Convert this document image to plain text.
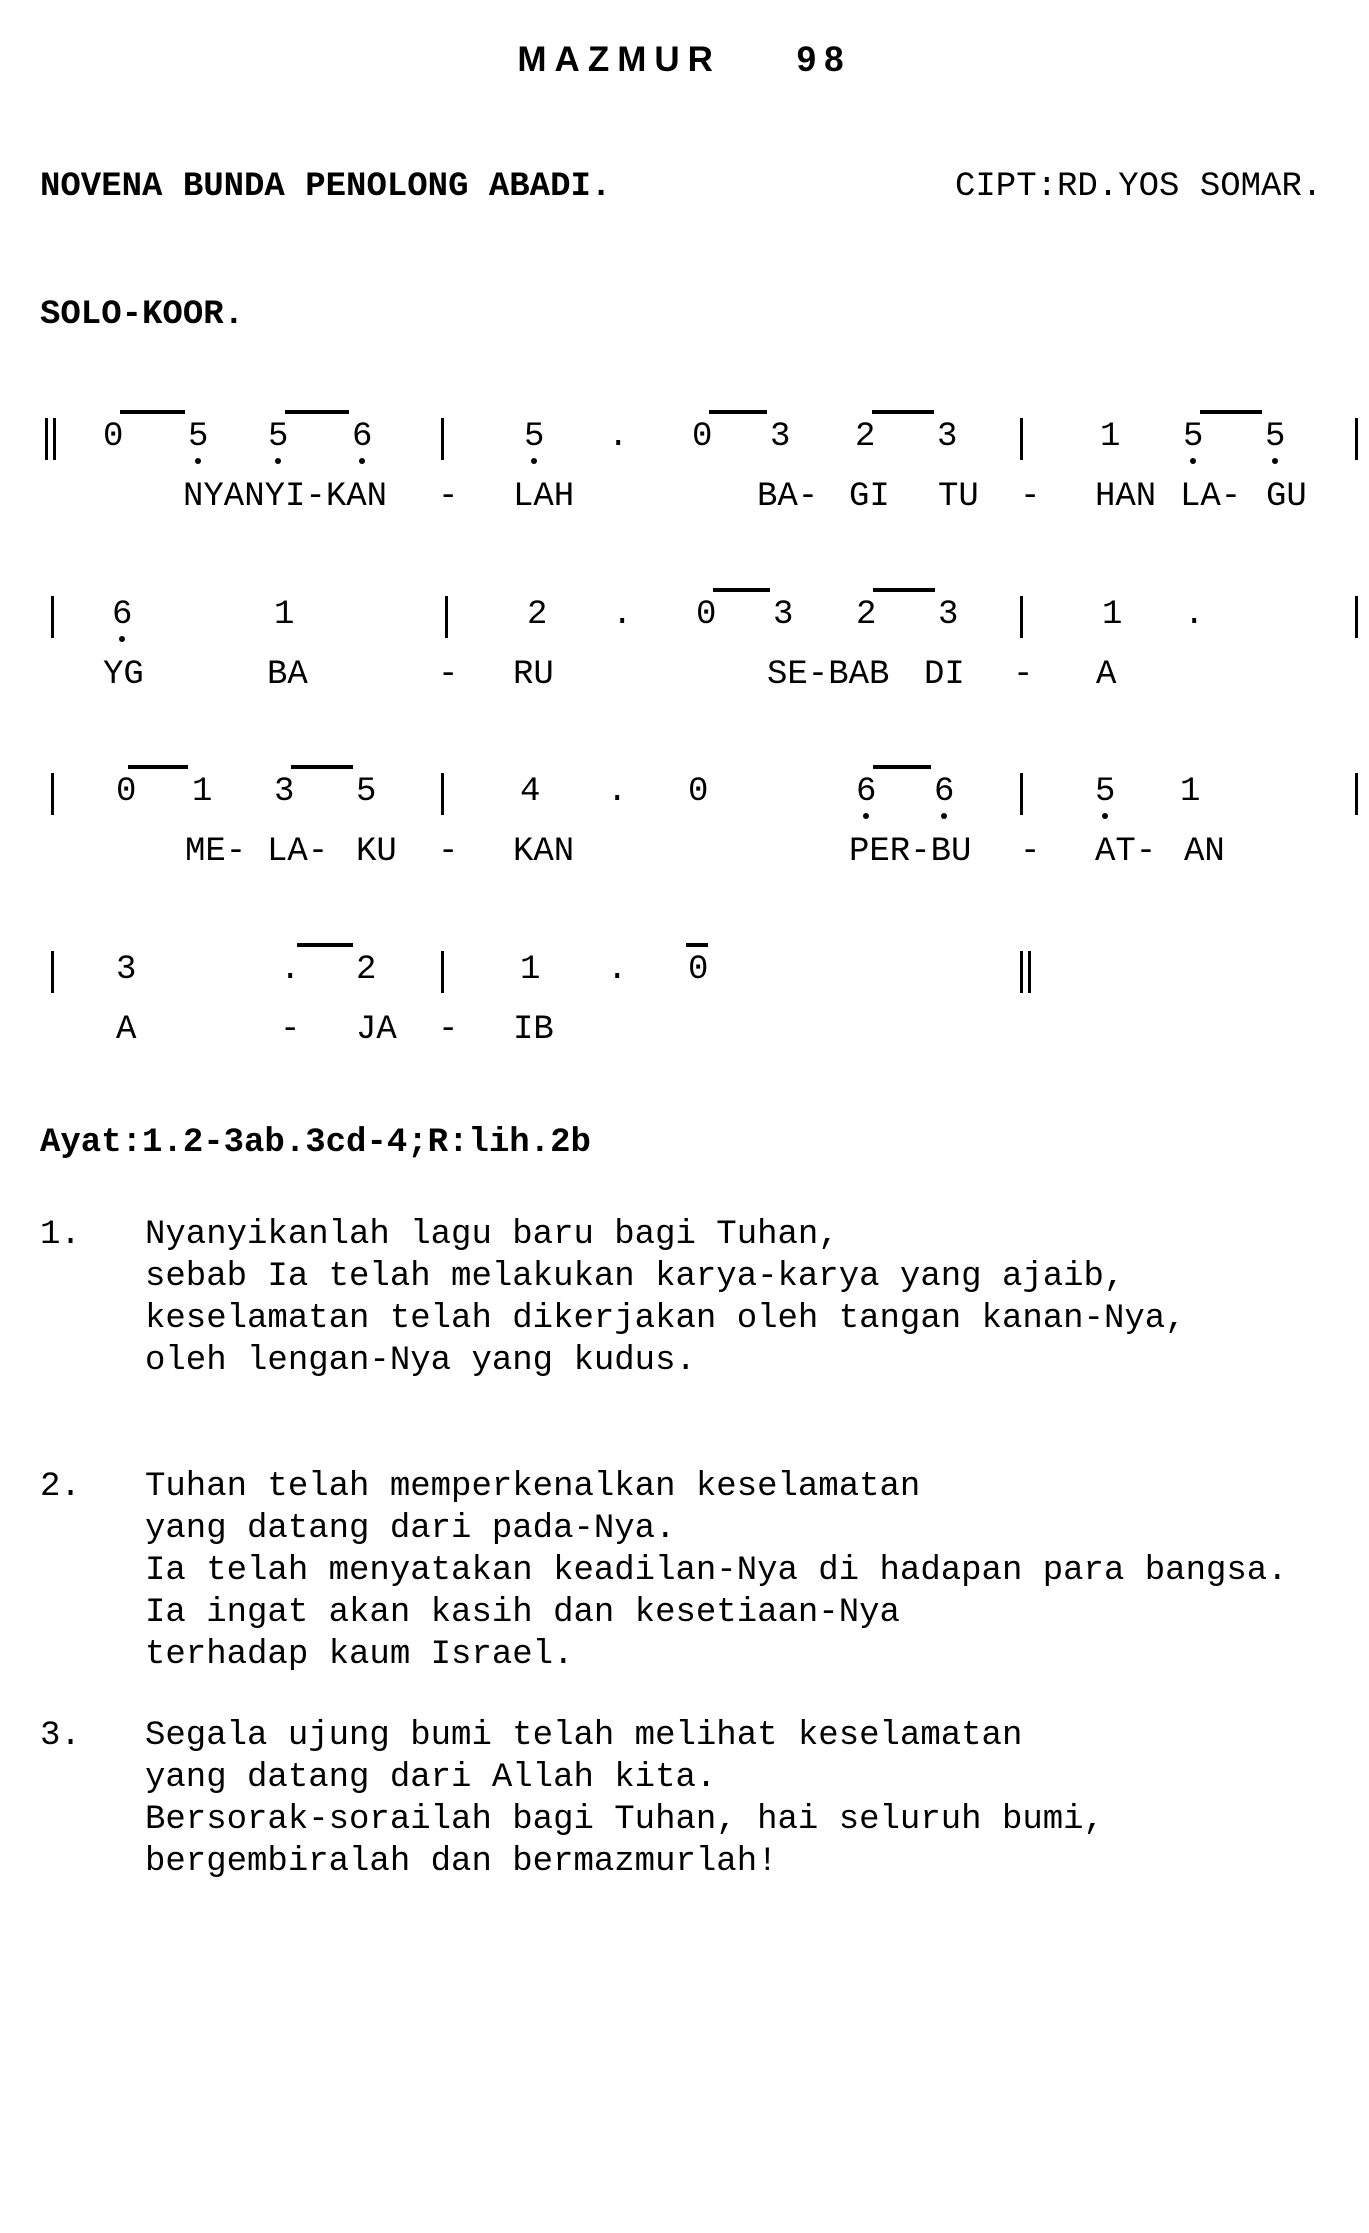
MAZMUR 98
NOVENA BUNDA PENOLONG ABADI.	CIPT:RD.YOS SOMAR.
SOLO-KOOR.
0 5 5 6	5 . 0 3 2 3	1 5 5
NYANYI-KAN - LAH	BA- GI TU - HAN LA- GU
6	1	2 . 0 3 2 3	1 .
YG	BA	- RU	SE-BAB DI - A
0 1 3 5	4 . 0	6 6	5 1
ME- LA- KU - KAN	PER-BU - AT- AN
3	. 2	1 . 0
A	- JA - IB
Ayat:1.2-3ab.3cd-4;R:lih.2b
1. Nyanyikanlah lagu baru bagi Tuhan,
sebab Ia telah melakukan karya-karya yang ajaib,
keselamatan telah dikerjakan oleh tangan kanan-Nya,
oleh lengan-Nya yang kudus.
2. Tuhan telah memperkenalkan keselamatan
yang datang dari pada-Nya.
Ia telah menyatakan keadilan-Nya di hadapan para bangsa.
Ia ingat akan kasih dan kesetiaan-Nya
terhadap kaum Israel.
3. Segala ujung bumi telah melihat keselamatan
yang datang dari Allah kita.
Bersorak-sorailah bagi Tuhan, hai seluruh bumi,
bergembiralah dan bermazmurlah!
